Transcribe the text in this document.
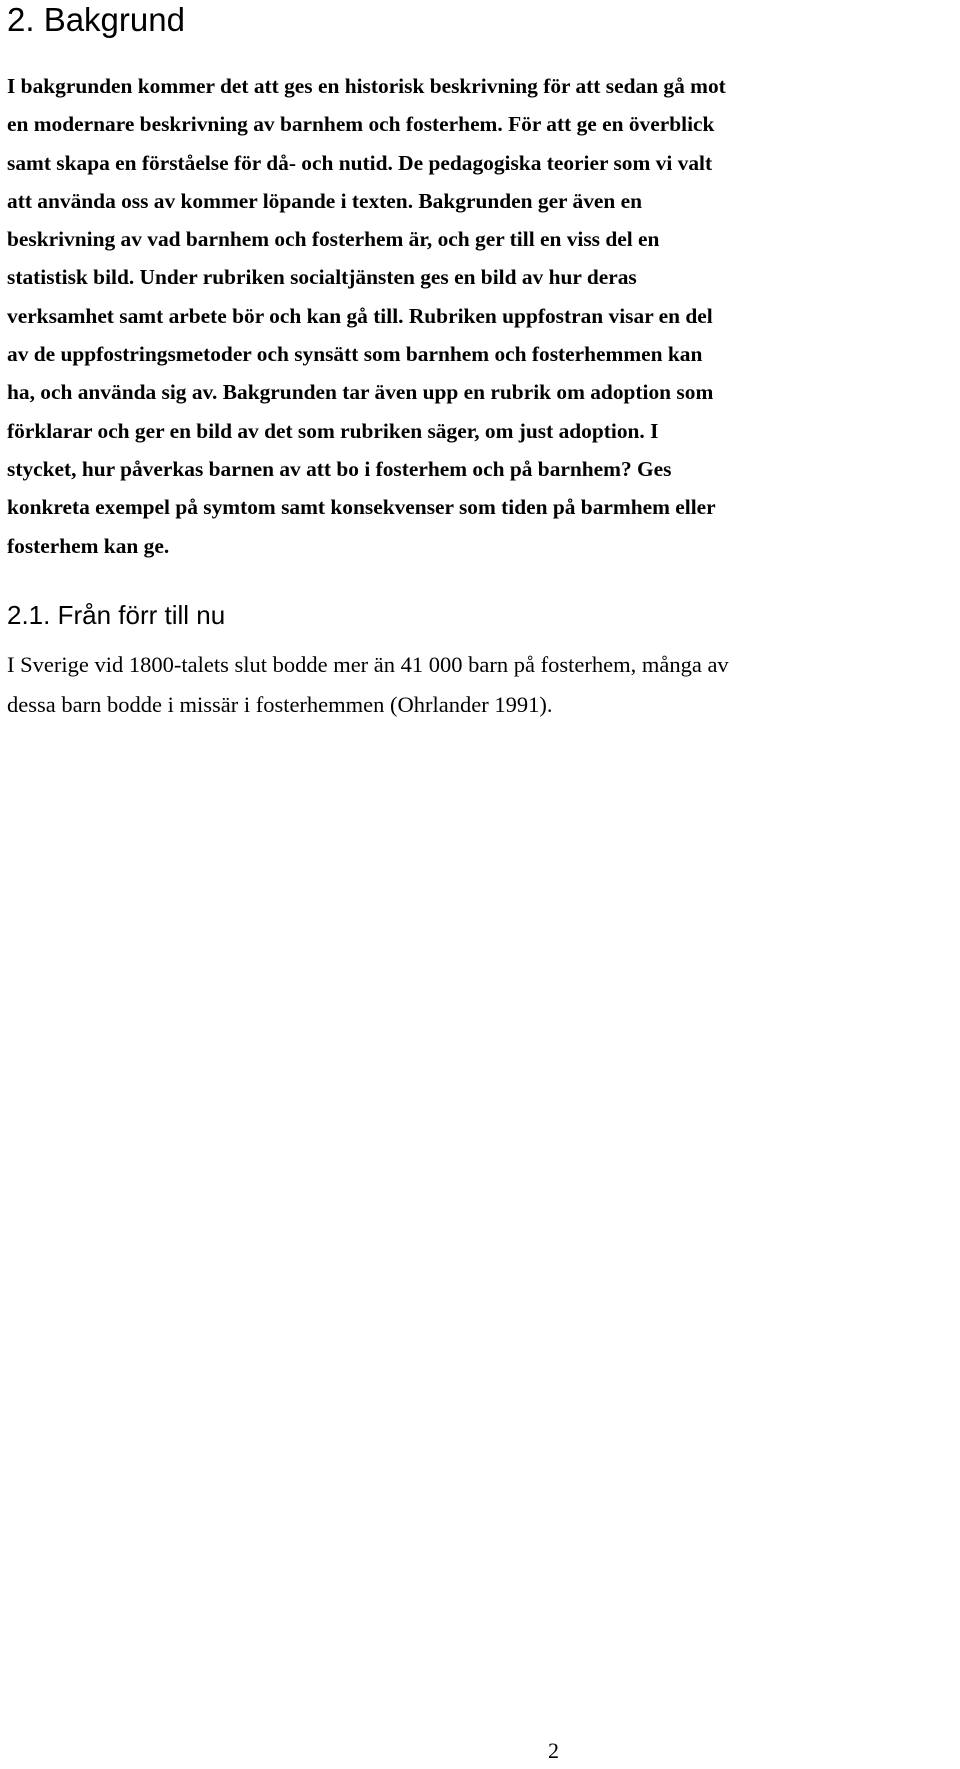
2. Bakgrund
I bakgrunden kommer det att ges en historisk beskrivning för att sedan gå mot
en modernare beskrivning av barnhem och fosterhem. För att ge en överblick
samt skapa en förståelse för då- och nutid. De pedagogiska teorier som vi valt
att använda oss av kommer löpande i texten. Bakgrunden ger även en
beskrivning av vad barnhem och fosterhem är, och ger till en viss del en
statistisk bild. Under rubriken socialtjänsten ges en bild av hur deras
verksamhet samt arbete bör och kan gå till. Rubriken uppfostran visar en del
av de uppfostringsmetoder och synsätt som barnhem och fosterhemmen kan
ha, och använda sig av. Bakgrunden tar även upp en rubrik om adoption som
förklarar och ger en bild av det som rubriken säger, om just adoption. I
stycket, hur påverkas barnen av att bo i fosterhem och på barnhem? Ges
konkreta exempel på symtom samt konsekvenser som tiden på barmhem eller
fosterhem kan ge.
2.1. Från förr till nu
I Sverige vid 1800-talets slut bodde mer än 41 000 barn på fosterhem, många av
dessa barn bodde i missär i fosterhemmen (Ohrlander 1991).
2
